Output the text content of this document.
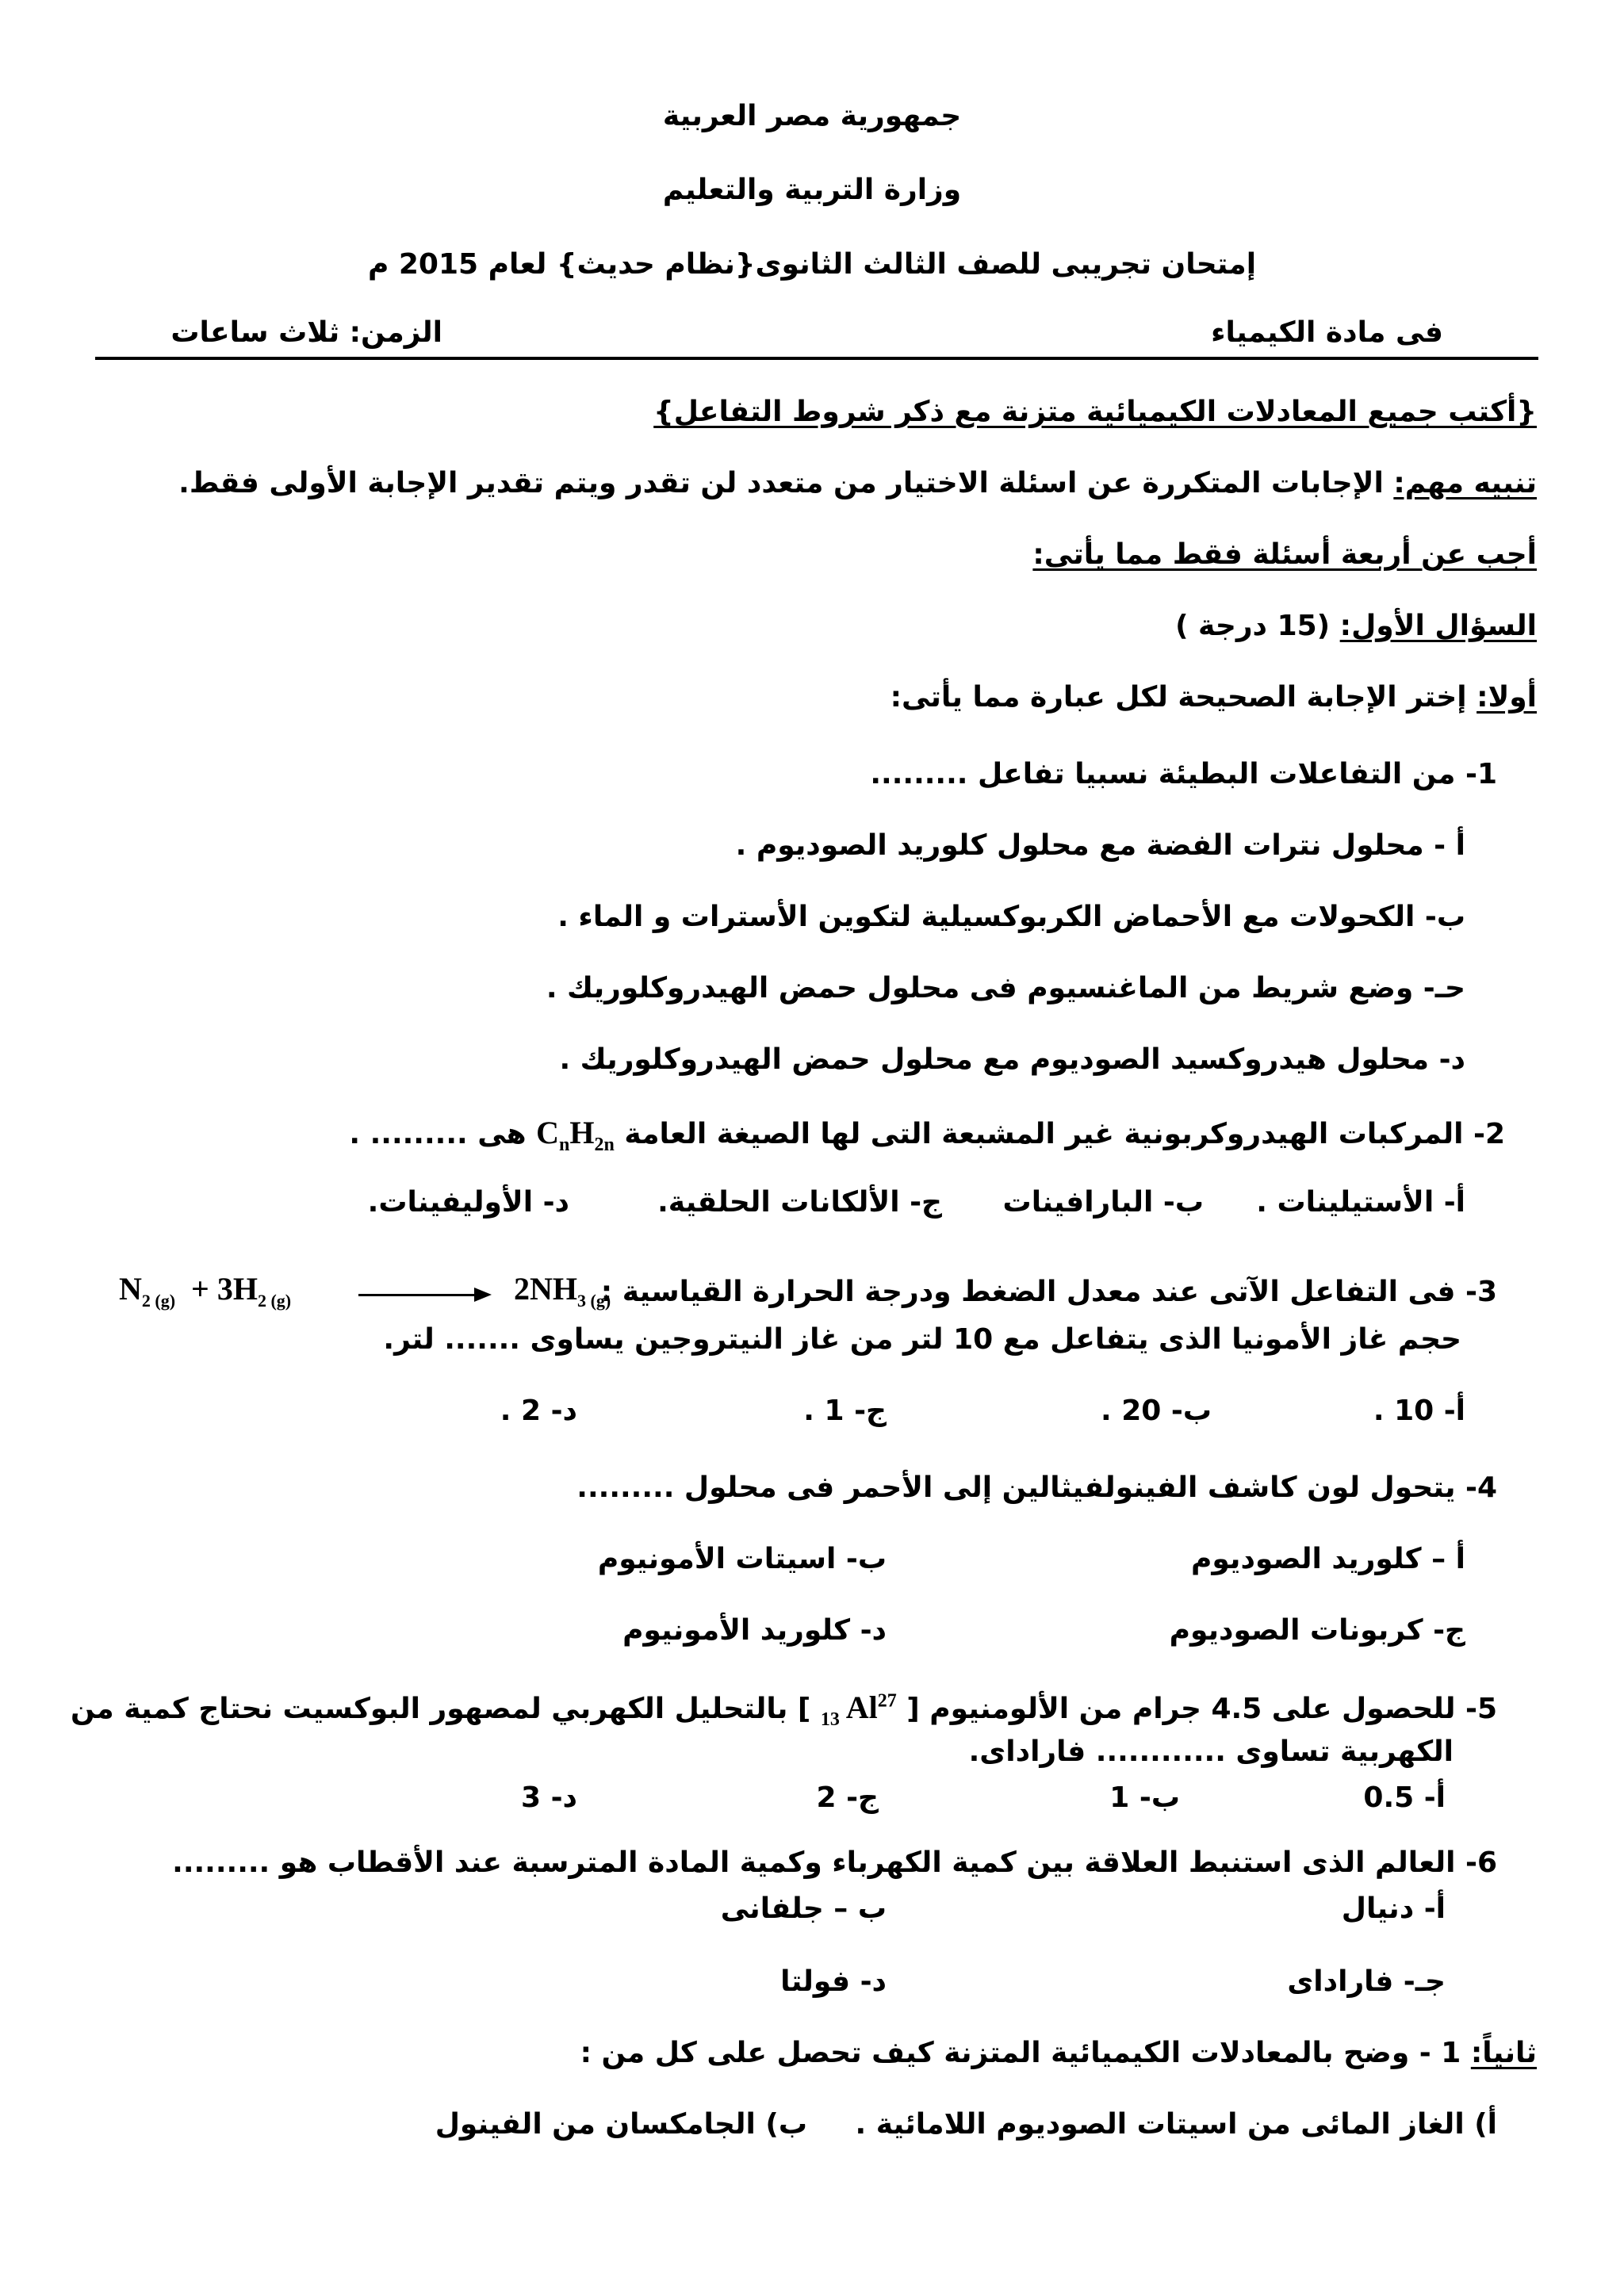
جمهورية مصر العربية
وزارة التربية والتعليم
إمتحان تجريبى للصف الثالث الثانوى{نظام حديث} لعام 2015 م
فى مادة الكيمياء
الزمن: ثلاث ساعات
{أكتب جميع المعادلات الكيميائية متزنة مع ذكر شروط التفاعل}
تنبيه مهم: الإجابات المتكررة عن اسئلة الاختيار من متعدد لن تقدر ويتم تقدير الإجابة الأولى فقط.
أجب عن أربعة أسئلة فقط مما يأتى:
السؤال الأول: (15 درجة )
أولا: إختر الإجابة الصحيحة لكل عبارة مما يأتى:
1- من التفاعلات البطيئة نسبيا تفاعل .........
أ - محلول نترات الفضة مع محلول كلوريد الصوديوم .
ب- الكحولات مع الأحماض الكربوكسيلية لتكوين الأسترات و الماء .
حـ- وضع شريط من الماغنسيوم فى محلول حمض الهيدروكلوريك .
د- محلول هيدروكسيد الصوديوم مع محلول حمض الهيدروكلوريك .
2- المركبات الهيدروكربونية غير المشبعة التى لها الصيغة العامة $C_nH_{2n}$ هى ......... .
أ- الأستيلينات .
ب- البارافينات
ج- الألكانات الحلقية.
د- الأوليفينات.
3- فى التفاعل الآتى عند معدل الضغط ودرجة الحرارة القياسية :
$N_{2 (g)} + 3H_{2 (g)}$	$2NH_{3 (g)}$
حجم غاز الأمونيا الذى يتفاعل مع 10 لتر من غاز النيتروجين يساوى ....... لتر.
أ- 10 .
ب- 20 .
ج- 1 .
د- 2 .
4- يتحول لون كاشف الفينولفيثالين إلى الأحمر فى محلول .........
أ – كلوريد الصوديوم
ب- اسيتات الأمونيوم
ج- كربونات الصوديوم
د- كلوريد الأمونيوم
5- للحصول على 4.5 جرام من الألومنيوم [ $_{13}$ Al$^{27}$ ] بالتحليل الكهربي لمصهور البوكسيت نحتاج كمية من
الكهربية تساوى ............ فاراداى.
أ- 0.5
ب- 1
ج- 2
د- 3
6- العالم الذى استنبط العلاقة بين كمية الكهرباء وكمية المادة المترسبة عند الأقطاب هو .........
أ- دنيال
ب – جلفانى
جـ- فاراداى
د- فولتا
ثانياً: 1 - وضح بالمعادلات الكيميائية المتزنة كيف تحصل على كل من :
أ) الغاز المائى من اسيتات الصوديوم اللامائية .
ب) الجامكسان من الفينول
